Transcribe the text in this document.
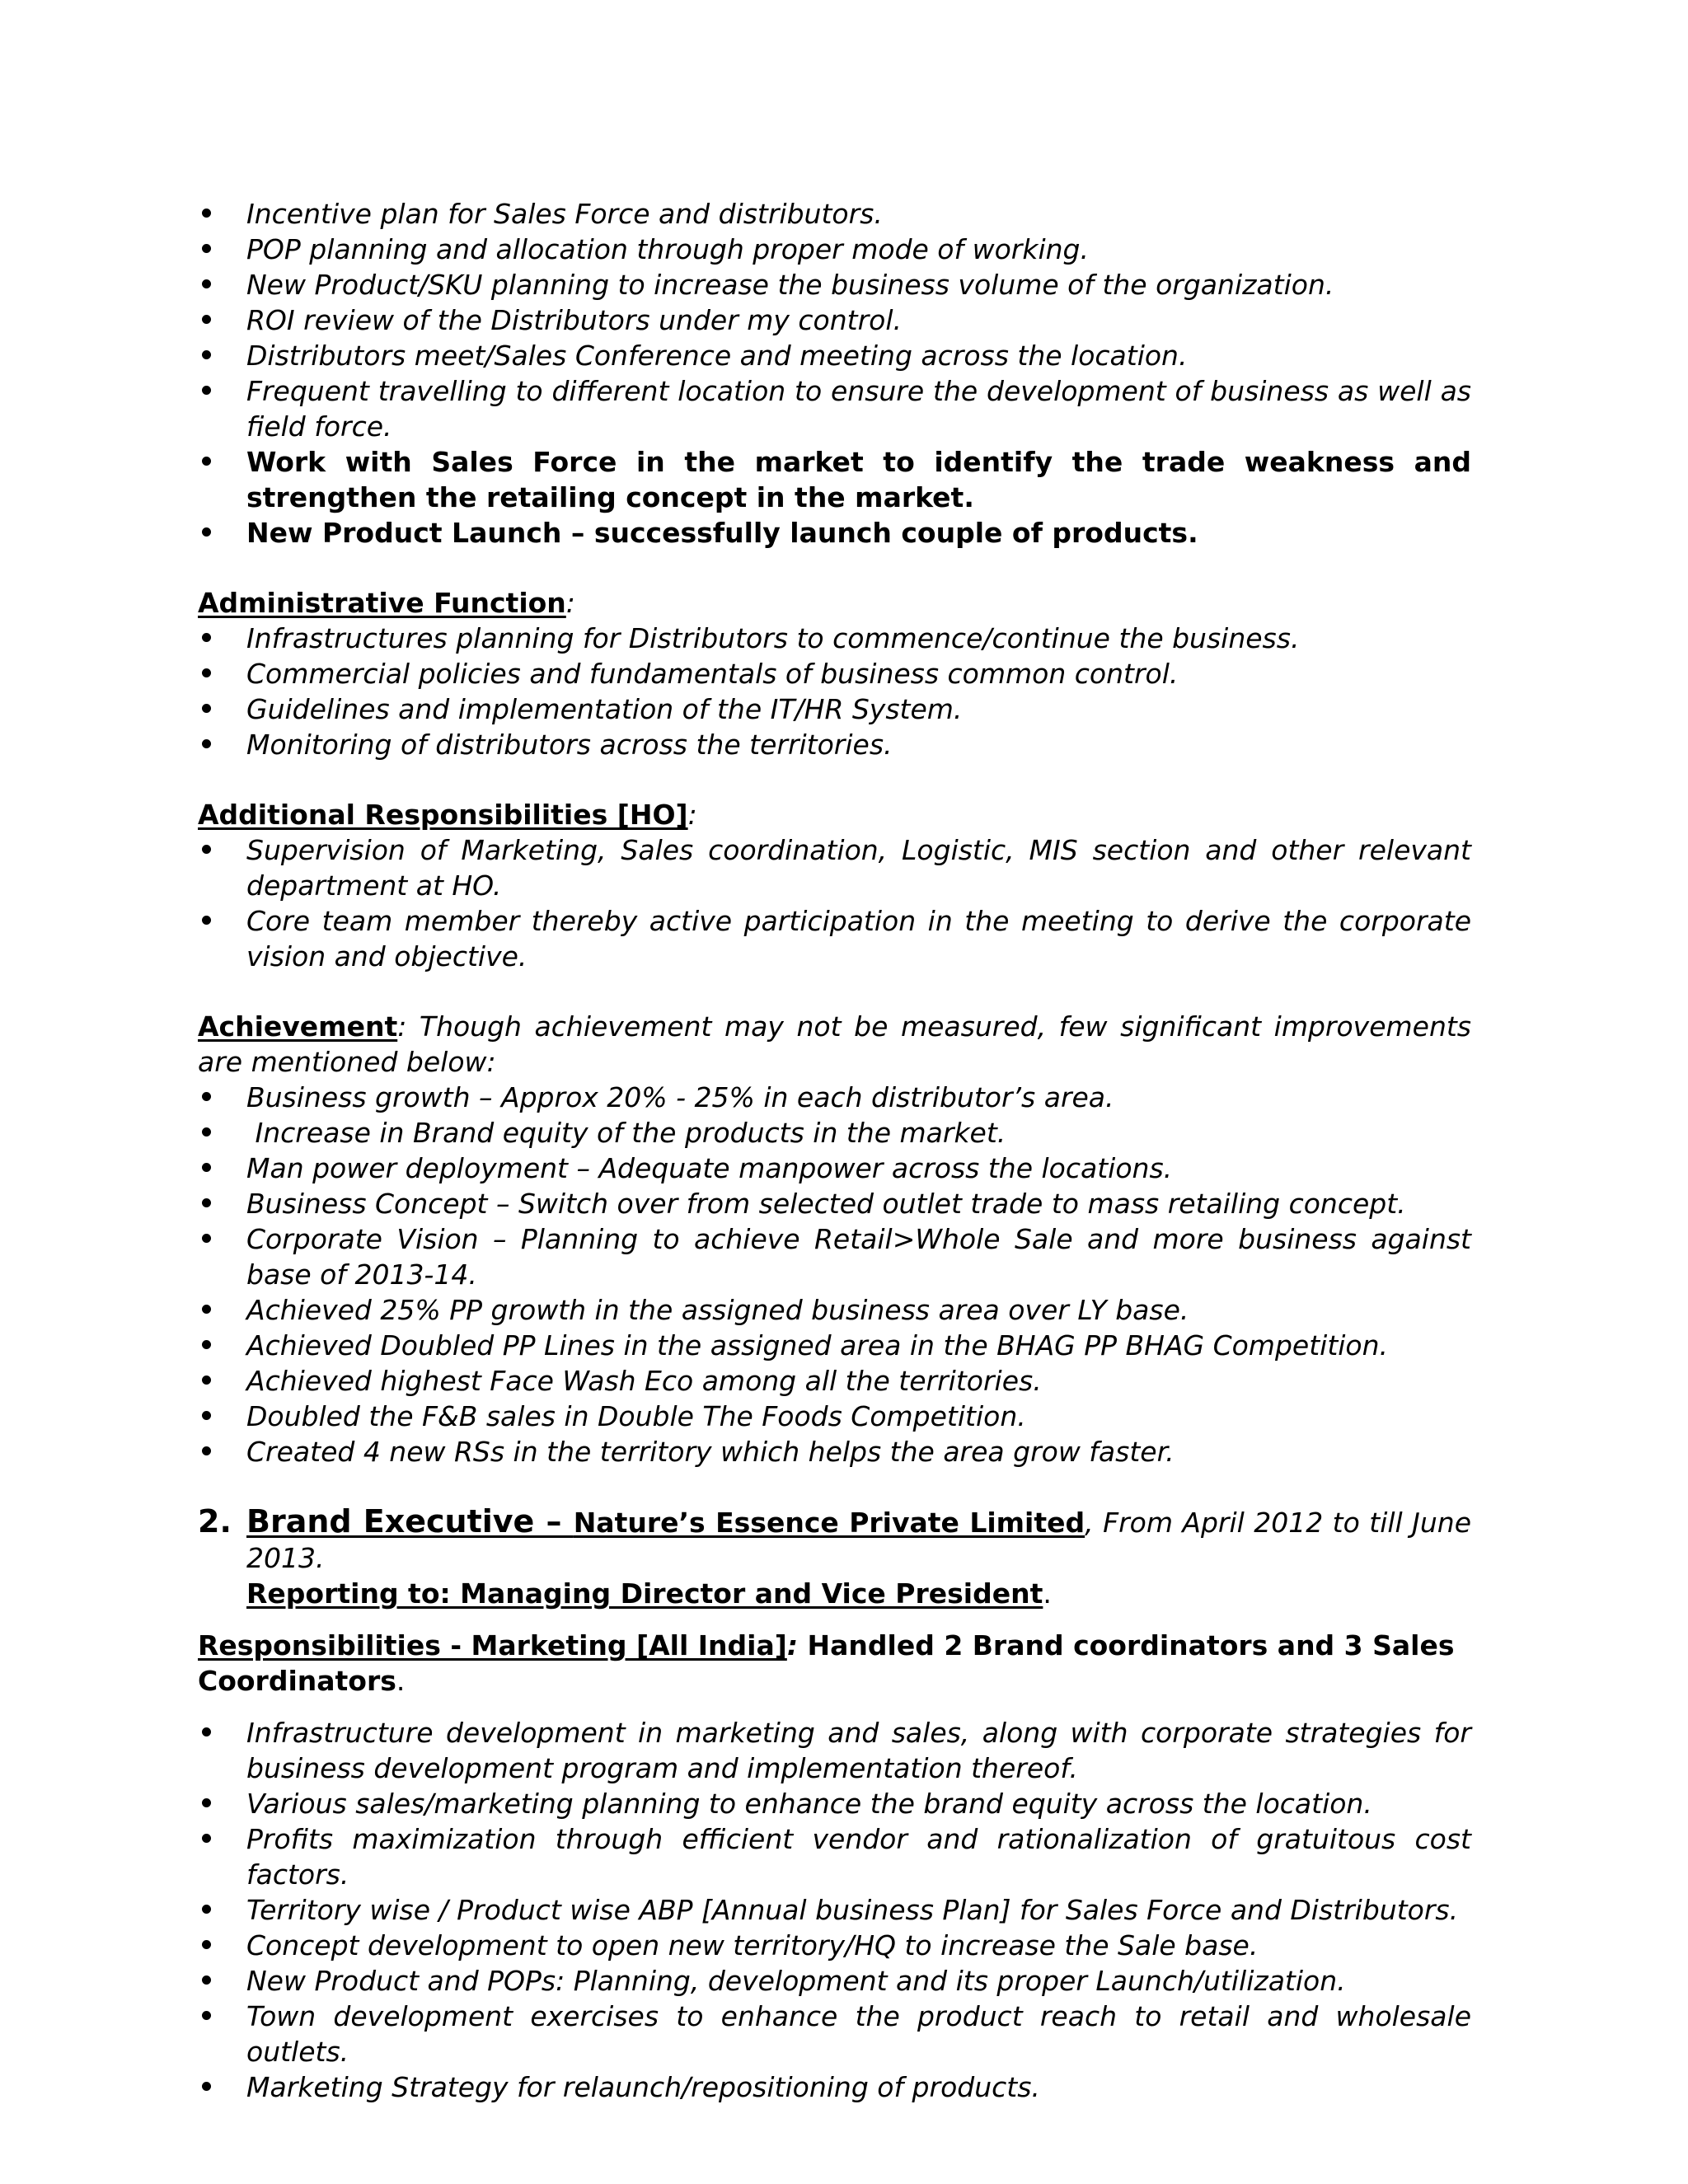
Incentive plan for Sales Force and distributors.
POP planning and allocation through proper mode of working.
New Product/SKU planning to increase the business volume of the organization.
ROI review of the Distributors under my control.
Distributors meet/Sales Conference and meeting across the location.
Frequent travelling to different location to ensure the development of business as well as field force.
Work with Sales Force in the market to identify the trade weakness and strengthen the retailing concept in the market.
New Product Launch – successfully launch couple of products.

Administrative Function:

Infrastructures planning for Distributors to commence/continue the business.
Commercial policies and fundamentals of business common control.
Guidelines and implementation of the IT/HR System.
Monitoring of distributors across the territories.

Additional Responsibilities [HO]:

Supervision of Marketing, Sales coordination, Logistic, MIS section and other relevant department at HO.
Core team member thereby active participation in the meeting to derive the corporate vision and objective.

Achievement: Though achievement may not be measured, few significant improvements are mentioned below:

Business growth – Approx 20% - 25% in each distributor’s area.
Increase in Brand equity of the products in the market.
Man power deployment – Adequate manpower across the locations.
Business Concept – Switch over from selected outlet trade to mass retailing concept.
Corporate Vision – Planning to achieve Retail>Whole Sale and more business against base of 2013-14.
Achieved 25% PP growth in the assigned business area over LY base.
Achieved Doubled PP Lines in the assigned area in the BHAG PP BHAG Competition.
Achieved highest Face Wash Eco among all the territories.
Doubled the F&B sales in Double The Foods Competition.
Created 4 new RSs in the territory which helps the area grow faster.
2. Brand Executive – Nature’s Essence Private Limited, From April 2012 to till June 2013.
Reporting to: Managing Director and Vice President.

Responsibilities - Marketing [All India]: Handled 2 Brand coordinators and 3 Sales Coordinators.

Infrastructure development in marketing and sales, along with corporate strategies for business development program and implementation thereof.
Various sales/marketing planning to enhance the brand equity across the location.
Profits maximization through efficient vendor and rationalization of gratuitous cost factors.
Territory wise / Product wise ABP [Annual business Plan] for Sales Force and Distributors.
Concept development to open new territory/HQ to increase the Sale base.
New Product and POPs: Planning, development and its proper Launch/utilization.
Town development exercises to enhance the product reach to retail and wholesale outlets.
Marketing Strategy for relaunch/repositioning of products.
